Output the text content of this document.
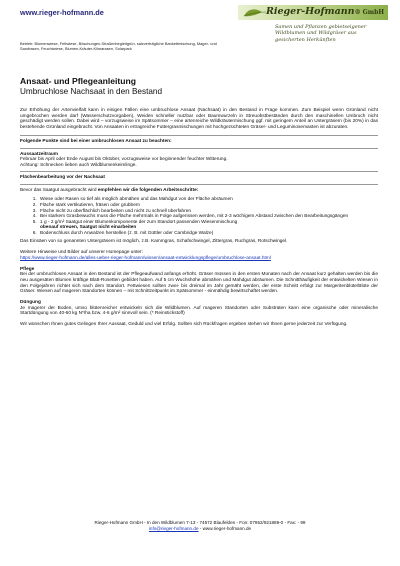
www.rieger-hofmann.de
Betrieb: Blumenwiese, Fettwiese, Böschungen-Straßenbegleitgrün, salzverträgliche Bankettmischung, Mager- und Sandrasen, Feuchtwiese, Blumen-Kräuter-Klimarasen, Solarpark
Rieger-Hofmann® GmbH
Samen und Pflanzen gebietseigener Wildblumen und Wildgräser aus gesicherten Herkünften
Ansaat- und Pflegeanleitung
Umbruchlose Nachsaat in den Bestand

Zur Erhöhung der Artenvielfalt kann in einigen Fällen eine umbruchlose Ansaat (Nachsaat) in den Bestand in Frage kommen. Zum Beispiel wenn Grünland nicht umgebrochen werden darf (Wasserschutzvorgaben), Weiden schneller nutzbar oder Baumwurzeln in Streuobstbeständen durch den maschinellen Umbruch nicht geschädigt werden sollen. Dabei wird – vorzugsweise im Spätsommer – eine artenreiche Wildkräutermischung ggf. mit geringem Anteil an Untergräsern (bis 20%) in das bestehende Grünland eingebracht. Von Ansaaten in ertragreiche Futtergrasmischungen mit hochgezüchteten Gräser- und Leguminosemasten ist abzuraten.

Folgende Punkte sind bei einer umbruchlosen Ansaat zu beachten:

Aussaatzeitraum

Februar bis April oder Ende August bis Oktober, vorzugsweise vor beginnender feuchter Witterung.

Achtung: Schnecken lieben auch Wildblumenkeimlinge.

Flächenbearbeitung vor der Nachsaat

Bevor das Saatgut ausgebracht wird empfehlen wir die folgenden Arbeitsschritte:

1. Wiese oder Rasen so tief als möglich abmähen und das Mahdgut von der Fläche abräumen
2. Fläche stark vertikutieren, fräsen oder grubbern
3. Fläche nicht zu oberflächlich bearbeiten und nicht zu schnell überfahren
4. Bei starkem Grasbewuchs muss die Fläche mehrmals in Folge aufgerissen werden, mit 2-3 wöchigem Abstand zwischen den Bearbeitungsgängen
5. 1 g - 2 g/m² Saatgut einer Blumenkomponente der zum Standort passenden Wiesenmischung
obenauf streuen, Saatgut nicht einarbeiten
6. Bodenschluss durch Anwalzen herstellen (z. B. mit Güttler oder Cambridge Walze)

Das Einsäen von so genannten Untergräsern ist möglich, z.B. Kammgras, Schafschwingel, Zittergras, Ruchgras, Rotschwingel.

Weitere Hinweise und Bilder auf unserer Homepage unter:

https://www.rieger-hofmann.de/alles-ueber-rieger-hofmann/wissen/ansaat-entwicklungspflege/umbruchlose-ansaat.html

Pflege

Bei der umbruchlosen Ansaat in den Bestand ist der Pflegeaufwand anfangs erhöht. Gräser müssen in den ersten Monaten nach der Ansaat kurz gehalten werden bis die neu ausgesäten Blumen kräftige Blatt-Rosetten gebildet haben. Auf 5 cm Wuchshöhe abmähen und Mahdgut abräumen. Die Schnitthäufigkeit der entwickelten Wiesen in den Folgejahren richtet sich nach dem Standort. Fettwiesen sollten zwei- bis dreimal im Jahr gemäht werden, der erste Schnitt erfolgt zur Margeritenblüte/Blüte der Gräser. Wiesen auf mageren Standorten können – mit Schnittzeitpunkt im Spätsommer - einmähdig bewirtschaftet werden.

Düngung

Je magerer der Boden, umso blütenreicher entwickeln sich die Wildblumen. Auf mageren Standorten oder Substraten kann eine organische oder mineralische Startdüngung von 40-60 kg N*/ha bzw. 4-6 g/m² sinnvoll sein. (* Reinstickstoff)

Wir wünschen Ihnen gutes Gelingen Ihrer Aussaat, Geduld und viel Erfolg. Sollten sich Rückfragen ergeben stehen wir Ihnen gerne jederzeit zur Verfügung.

Rieger-Hofmann GmbH - In den Wildblumen 7-13 - 74572 Blaufelden - Fon: 07952/921889-0 - Fax: - 99
info@rieger-hofmann.de - www.rieger-hofmann.de
